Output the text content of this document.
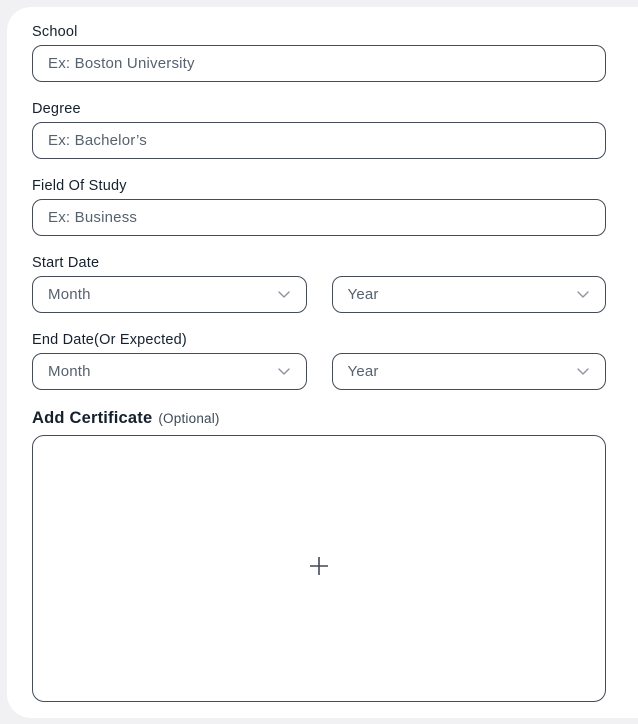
School
Ex: Boston University
Degree
Ex: Bachelor’s
Field Of Study
Ex: Business
Start Date
Month	Year
End Date(Or Expected)
Month	Year
Add Certificate (Optional)
